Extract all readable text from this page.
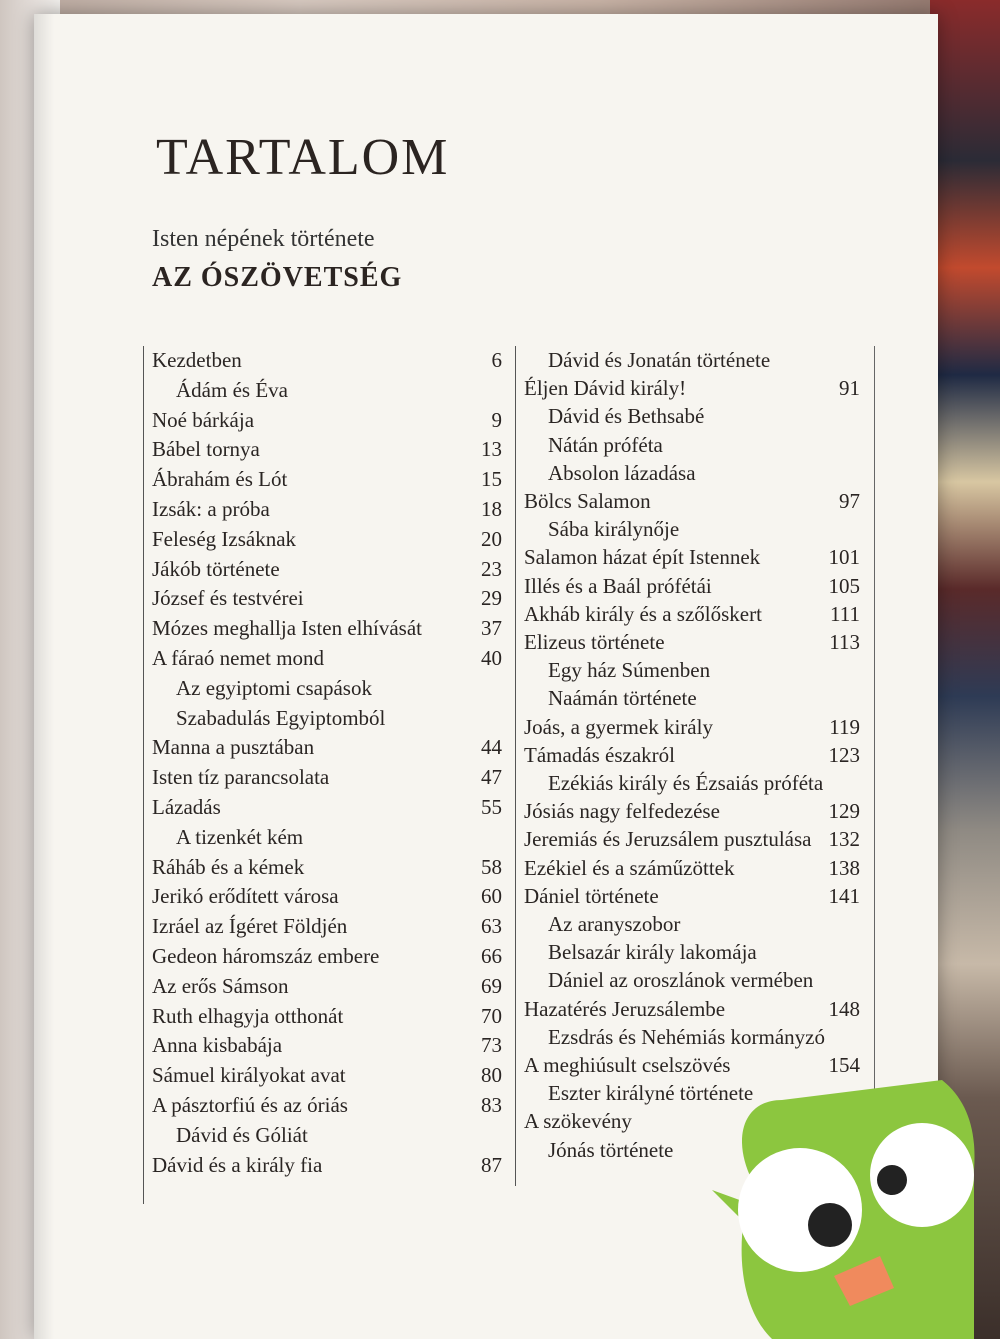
TARTALOM

Isten népének története

AZ ÓSZÖVETSÉG
Kezdetben	6
Ádám és Éva
Noé bárkája	9
Bábel tornya	13
Ábrahám és Lót	15
Izsák: a próba	18
Feleség Izsáknak	20
Jákób története	23
József és testvérei	29
Mózes meghallja Isten elhívását	37
A fáraó nemet mond	40
Az egyiptomi csapások
Szabadulás Egyiptomból
Manna a pusztában	44
Isten tíz parancsolata	47
Lázadás	55
A tizenkét kém
Ráháb és a kémek	58
Jerikó erődített városa	60
Izráel az Ígéret Földjén	63
Gedeon háromszáz embere	66
Az erős Sámson	69
Ruth elhagyja otthonát	70
Anna kisbabája	73
Sámuel királyokat avat	80
A pásztorfiú és az óriás	83
Dávid és Góliát
Dávid és a király fia	87
Dávid és Jonatán története
Éljen Dávid király!	91
Dávid és Bethsabé
Nátán próféta
Absolon lázadása
Bölcs Salamon	97
Sába királynője
Salamon házat épít Istennek	101
Illés és a Baál prófétái	105
Akháb király és a szőlőskert	111
Elizeus története	113
Egy ház Súmenben
Naámán története
Joás, a gyermek király	119
Támadás északról	123
Ezékiás király és Ézsaiás próféta
Jósiás nagy felfedezése	129
Jeremiás és Jeruzsálem pusztulása 132
Ezékiel és a száműzöttek	138
Dániel története	141
Az aranyszobor
Belsazár király lakomája
Dániel az oroszlánok vermében
Hazatérés Jeruzsálembe	148
Ezsdrás és Nehémiás kormányzó
A meghiúsult cselszövés	154
Eszter királyné története
A szökevény
Jónás története
